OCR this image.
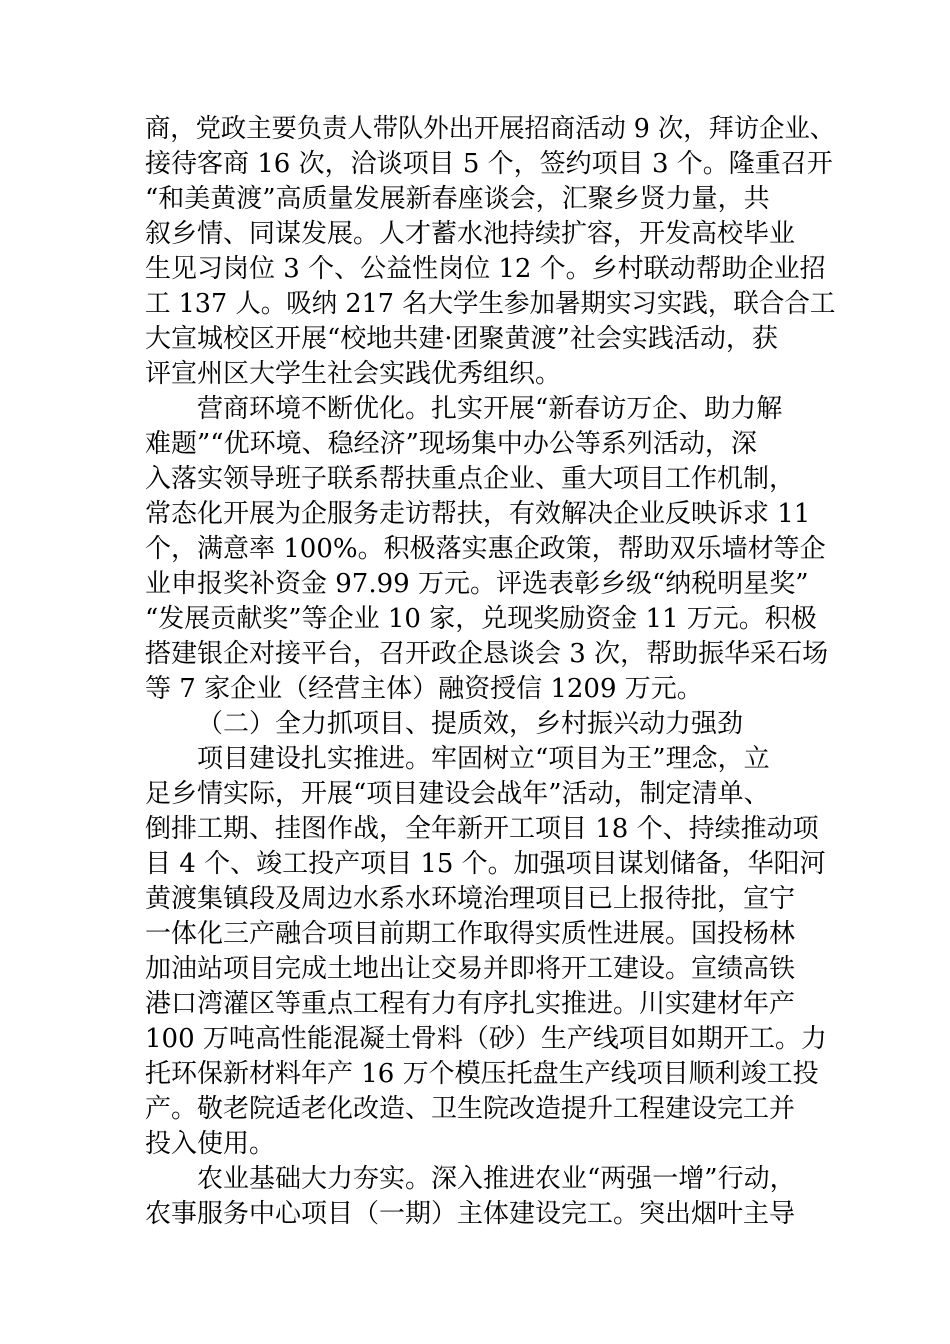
商，党政主要负责人带队外出开展招商活动 9 次，拜访企业、
接待客商 16 次，洽谈项目 5 个，签约项目 3 个。隆重召开
“和美黄渡”高质量发展新春座谈会，汇聚乡贤力量，共
叙乡情、同谋发展。人才蓄水池持续扩容，开发高校毕业
生见习岗位 3 个、公益性岗位 12 个。乡村联动帮助企业招
工 137 人。吸纳 217 名大学生参加暑期实习实践，联合合工
大宣城校区开展“校地共建·团聚黄渡”社会实践活动，获
评宣州区大学生社会实践优秀组织。
营商环境不断优化。扎实开展“新春访万企、助力解
难题”“优环境、稳经济”现场集中办公等系列活动，深
入落实领导班子联系帮扶重点企业、重大项目工作机制，
常态化开展为企服务走访帮扶，有效解决企业反映诉求 11
个，满意率 100%。积极落实惠企政策，帮助双乐墙材等企
业申报奖补资金 97.99 万元。评选表彰乡级“纳税明星奖”
“发展贡献奖”等企业 10 家，兑现奖励资金 11 万元。积极
搭建银企对接平台，召开政企恳谈会 3 次，帮助振华采石场
等 7 家企业（经营主体）融资授信 1209 万元。
（二）全力抓项目、提质效，乡村振兴动力强劲
项目建设扎实推进。牢固树立“项目为王”理念，立
足乡情实际，开展“项目建设会战年”活动，制定清单、
倒排工期、挂图作战，全年新开工项目 18 个、持续推动项
目 4 个、竣工投产项目 15 个。加强项目谋划储备，华阳河
黄渡集镇段及周边水系水环境治理项目已上报待批，宣宁
一体化三产融合项目前期工作取得实质性进展。国投杨林
加油站项目完成土地出让交易并即将开工建设。宣绩高铁
港口湾灌区等重点工程有力有序扎实推进。川实建材年产
100 万吨高性能混凝土骨料（砂）生产线项目如期开工。力
托环保新材料年产 16 万个模压托盘生产线项目顺利竣工投
产。敬老院适老化改造、卫生院改造提升工程建设完工并
投入使用。
农业基础大力夯实。深入推进农业“两强一增”行动，
农事服务中心项目（一期）主体建设完工。突出烟叶主导
